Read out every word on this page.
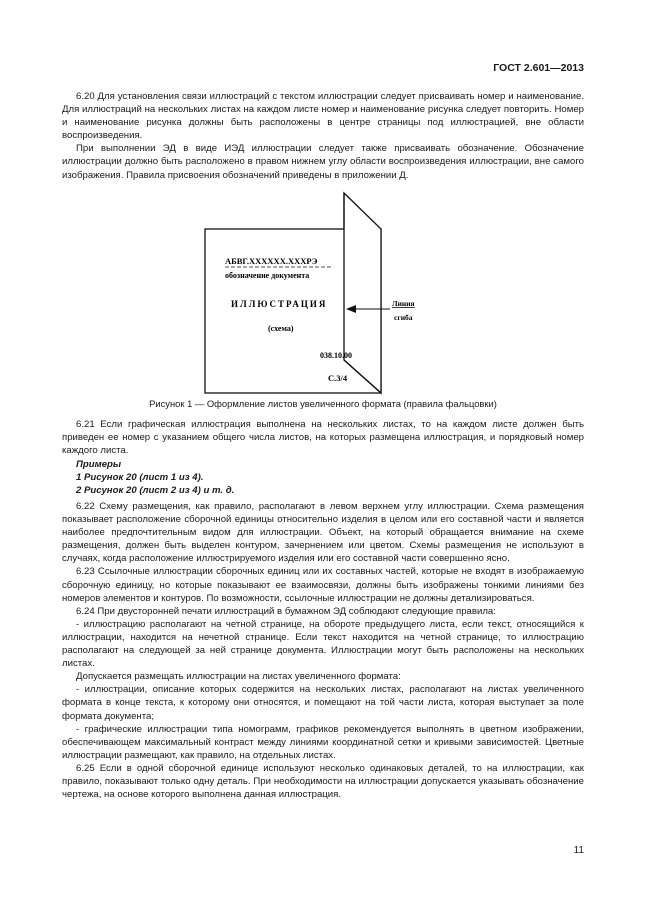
ГОСТ 2.601—2013

6.20 Для установления связи иллюстраций с текстом иллюстрации следует присваивать номер и наименование. Для иллюстраций на нескольких листах на каждом листе номер и наименование рисунка следует повторить. Номер и наименование рисунка должны быть расположены в центре страницы под иллюстрацией, вне области воспроизведения.

При выполнении ЭД в виде ИЭД иллюстрации следует также присваивать обозначение. Обозначение иллюстрации должно быть расположено в правом нижнем углу области воспроизведения иллюстрации, вне самого изображения. Правила присвоения обозначений приведены в приложении Д.

АБВГ.XXXXXX.XXXРЭ
обозначение документа
ИЛЛЮСТРАЦИЯ
(схема)
038.10.00
С.3/4
Линия
сгиба
Рисунок 1 — Оформление листов увеличенного формата (правила фальцовки)

6.21 Если графическая иллюстрация выполнена на нескольких листах, то на каждом листе должен быть приведен ее номер с указанием общего числа листов, на которых размещена иллюстрация, и порядковый номер каждого листа.

Примеры

1 Рисунок 20 (лист 1 из 4).

2 Рисунок 20 (лист 2 из 4) и т. д.

6.22 Схему размещения, как правило, располагают в левом верхнем углу иллюстрации. Схема размещения показывает расположение сборочной единицы относительно изделия в целом или его составной части и является наиболее предпочтительным видом для иллюстрации. Объект, на который обращается внимание на схеме размещения, должен быть выделен контуром, зачернением или цветом. Схемы размещения не используют в случаях, когда расположение иллюстрируемого изделия или его составной части совершенно ясно.

6.23 Ссылочные иллюстрации сборочных единиц или их составных частей, которые не входят в изображаемую сборочную единицу, но которые показывают ее взаимосвязи, должны быть изображены тонкими линиями без номеров элементов и контуров. По возможности, ссылочные иллюстрации не должны детализироваться.

6.24 При двусторонней печати иллюстраций в бумажном ЭД соблюдают следующие правила:

- иллюстрацию располагают на четной странице, на обороте предыдущего листа, если текст, относящийся к иллюстрации, находится на нечетной странице. Если текст находится на четной странице, то иллюстрацию располагают на следующей за ней странице документа. Иллюстрации могут быть расположены на нескольких листах.

Допускается размещать иллюстрации на листах увеличенного формата:

- иллюстрации, описание которых содержится на нескольких листах, располагают на листах увеличенного формата в конце текста, к которому они относятся, и помещают на той части листа, которая выступает за поле формата документа;

- графические иллюстрации типа номограмм, графиков рекомендуется выполнять в цветном изображении, обеспечивающем максимальный контраст между линиями координатной сетки и кривыми зависимостей. Цветные иллюстрации размещают, как правило, на отдельных листах.

6.25 Если в одной сборочной единице используют несколько одинаковых деталей, то на иллюстрации, как правило, показывают только одну деталь. При необходимости на иллюстрации допускается указывать обозначение чертежа, на основе которого выполнена данная иллюстрация.

11
